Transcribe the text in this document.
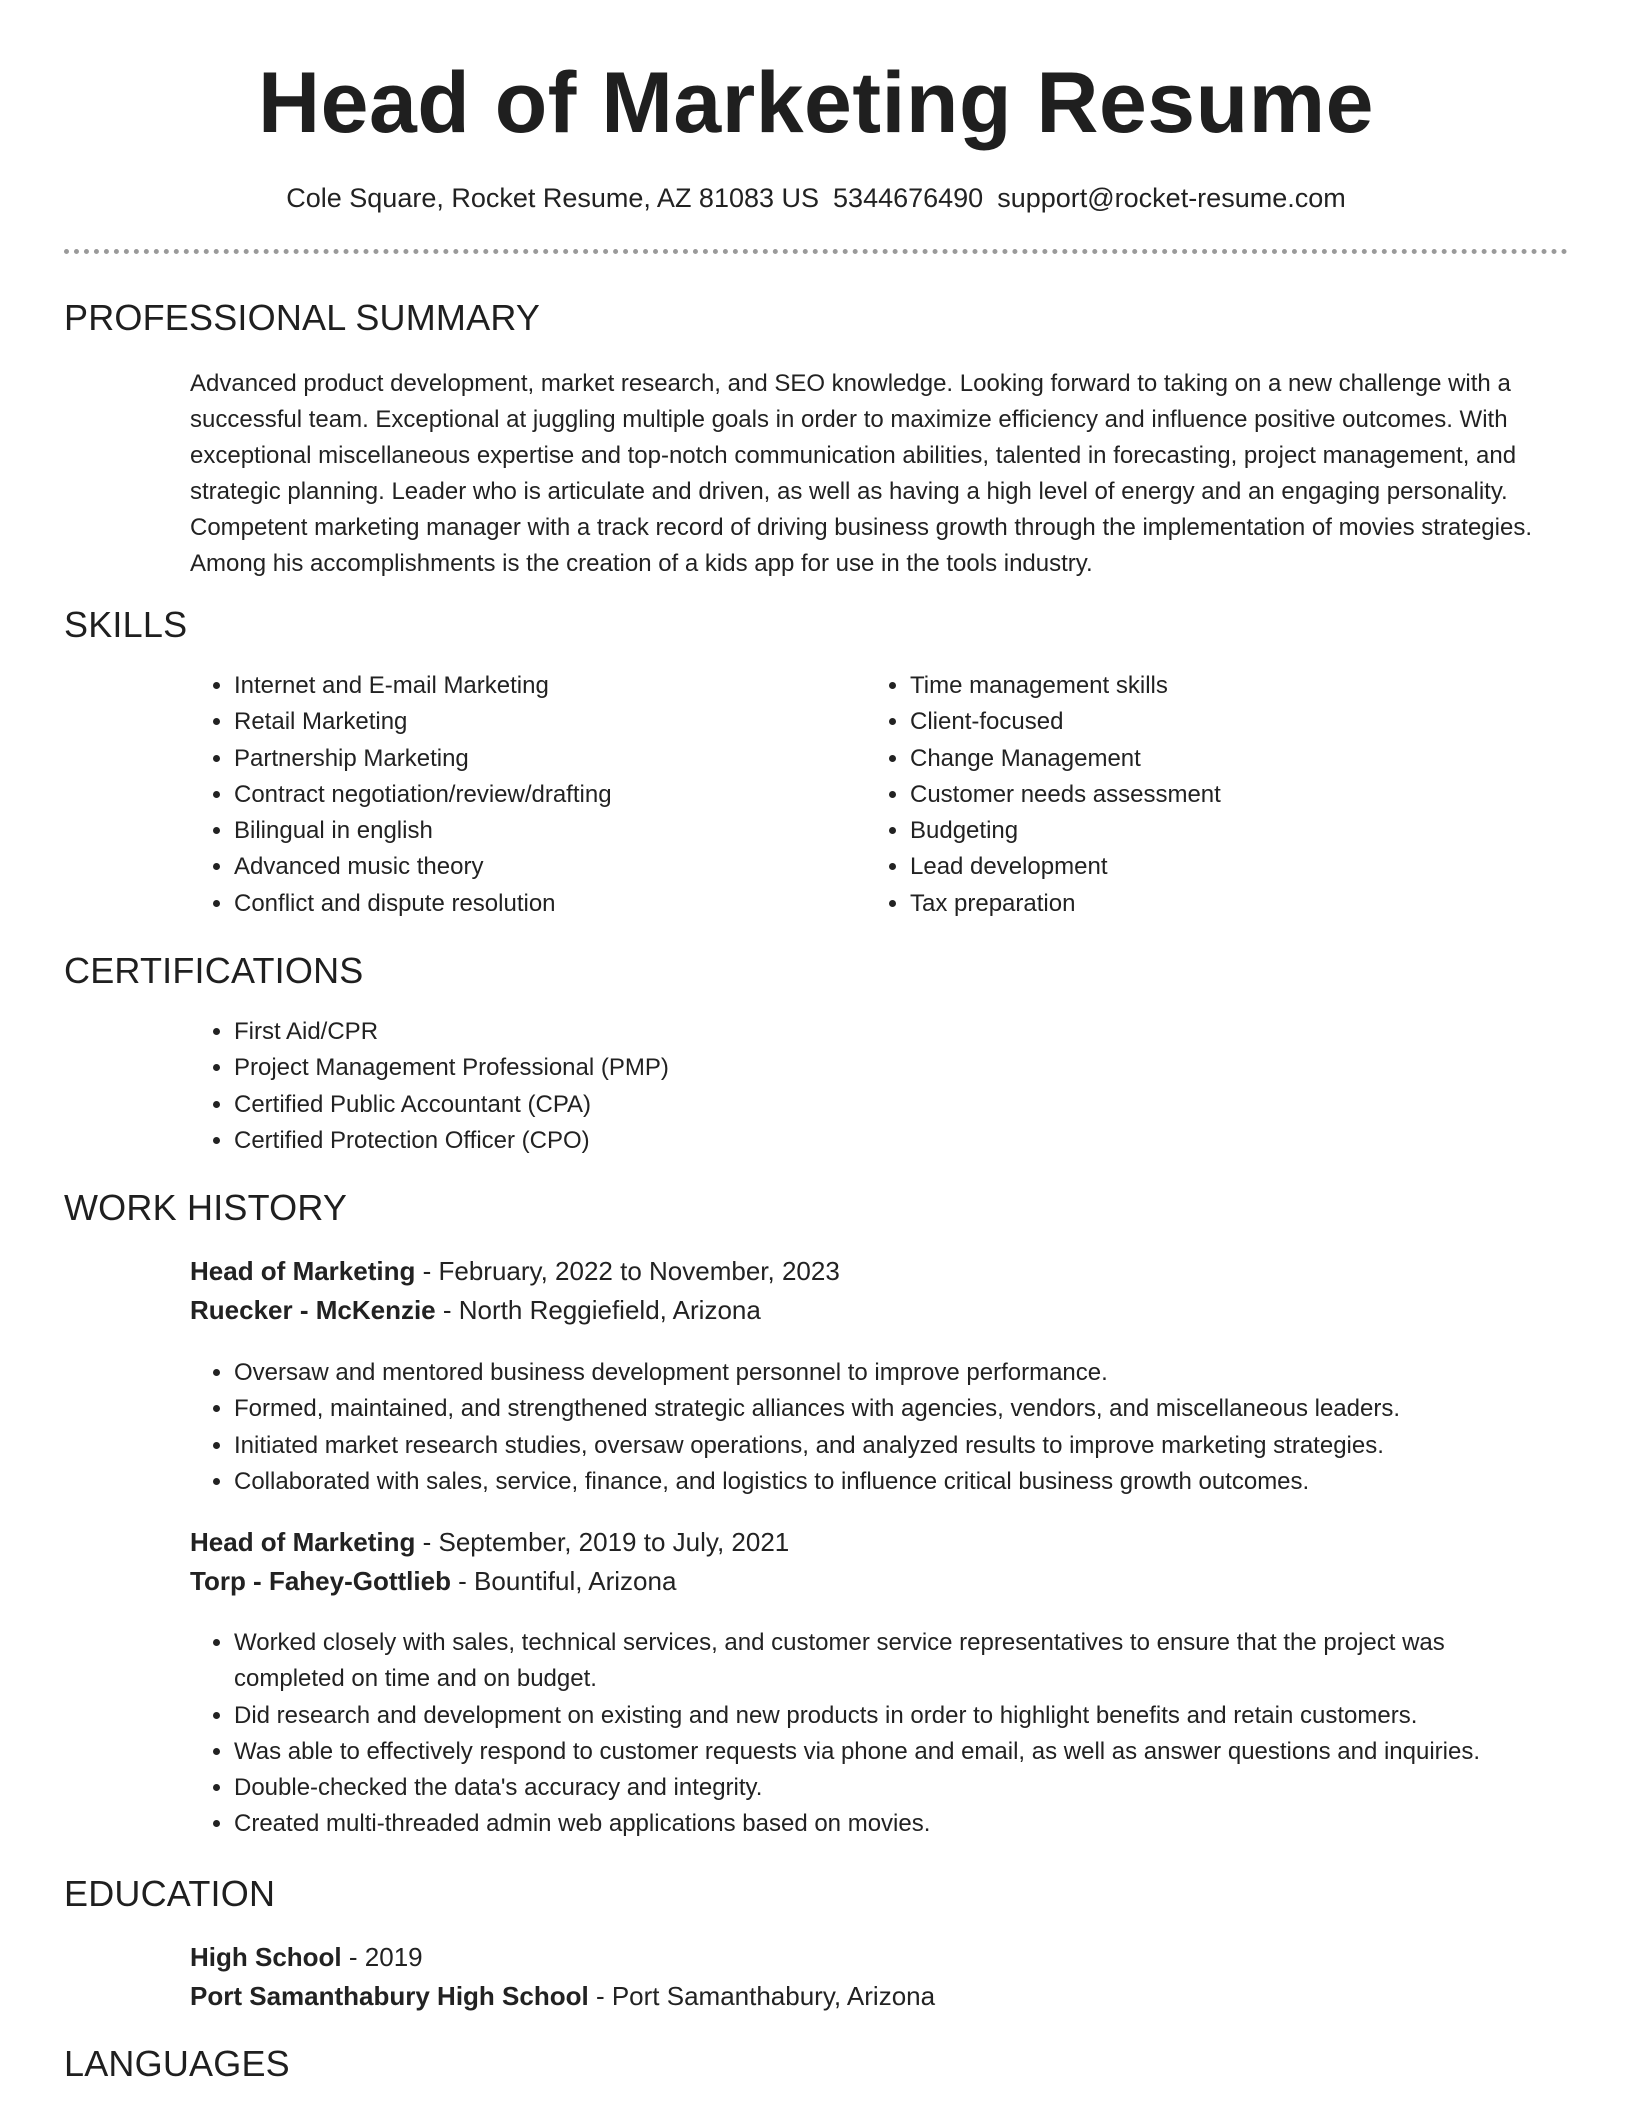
Head of Marketing Resume
Cole Square, Rocket Resume, AZ 81083 US 5344676490 support@rocket-resume.com
PROFESSIONAL SUMMARY

Advanced product development, market research, and SEO knowledge. Looking forward to taking on a new challenge with a successful team. Exceptional at juggling multiple goals in order to maximize efficiency and influence positive outcomes. With exceptional miscellaneous expertise and top-notch communication abilities, talented in forecasting, project management, and strategic planning. Leader who is articulate and driven, as well as having a high level of energy and an engaging personality. Competent marketing manager with a track record of driving business growth through the implementation of movies strategies. Among his accomplishments is the creation of a kids app for use in the tools industry.

SKILLS
• Internet and E-mail Marketing
• Retail Marketing
• Partnership Marketing
• Contract negotiation/review/drafting
• Bilingual in english
• Advanced music theory
• Conflict and dispute resolution
• Time management skills
• Client-focused
• Change Management
• Customer needs assessment
• Budgeting
• Lead development
• Tax preparation
CERTIFICATIONS
• First Aid/CPR
• Project Management Professional (PMP)
• Certified Public Accountant (CPA)
• Certified Protection Officer (CPO)
WORK HISTORY

Head of Marketing - February, 2022 to November, 2023

Ruecker - McKenzie - North Reggiefield, Arizona

• Oversaw and mentored business development personnel to improve performance.
• Formed, maintained, and strengthened strategic alliances with agencies, vendors, and miscellaneous leaders.
• Initiated market research studies, oversaw operations, and analyzed results to improve marketing strategies.
• Collaborated with sales, service, finance, and logistics to influence critical business growth outcomes.

Head of Marketing - September, 2019 to July, 2021

Torp - Fahey-Gottlieb - Bountiful, Arizona

• Worked closely with sales, technical services, and customer service representatives to ensure that the project was completed on time and on budget.
• Did research and development on existing and new products in order to highlight benefits and retain customers.
• Was able to effectively respond to customer requests via phone and email, as well as answer questions and inquiries.
• Double-checked the data's accuracy and integrity.
• Created multi-threaded admin web applications based on movies.
EDUCATION

High School - 2019

Port Samanthabury High School - Port Samanthabury, Arizona

LANGUAGES
